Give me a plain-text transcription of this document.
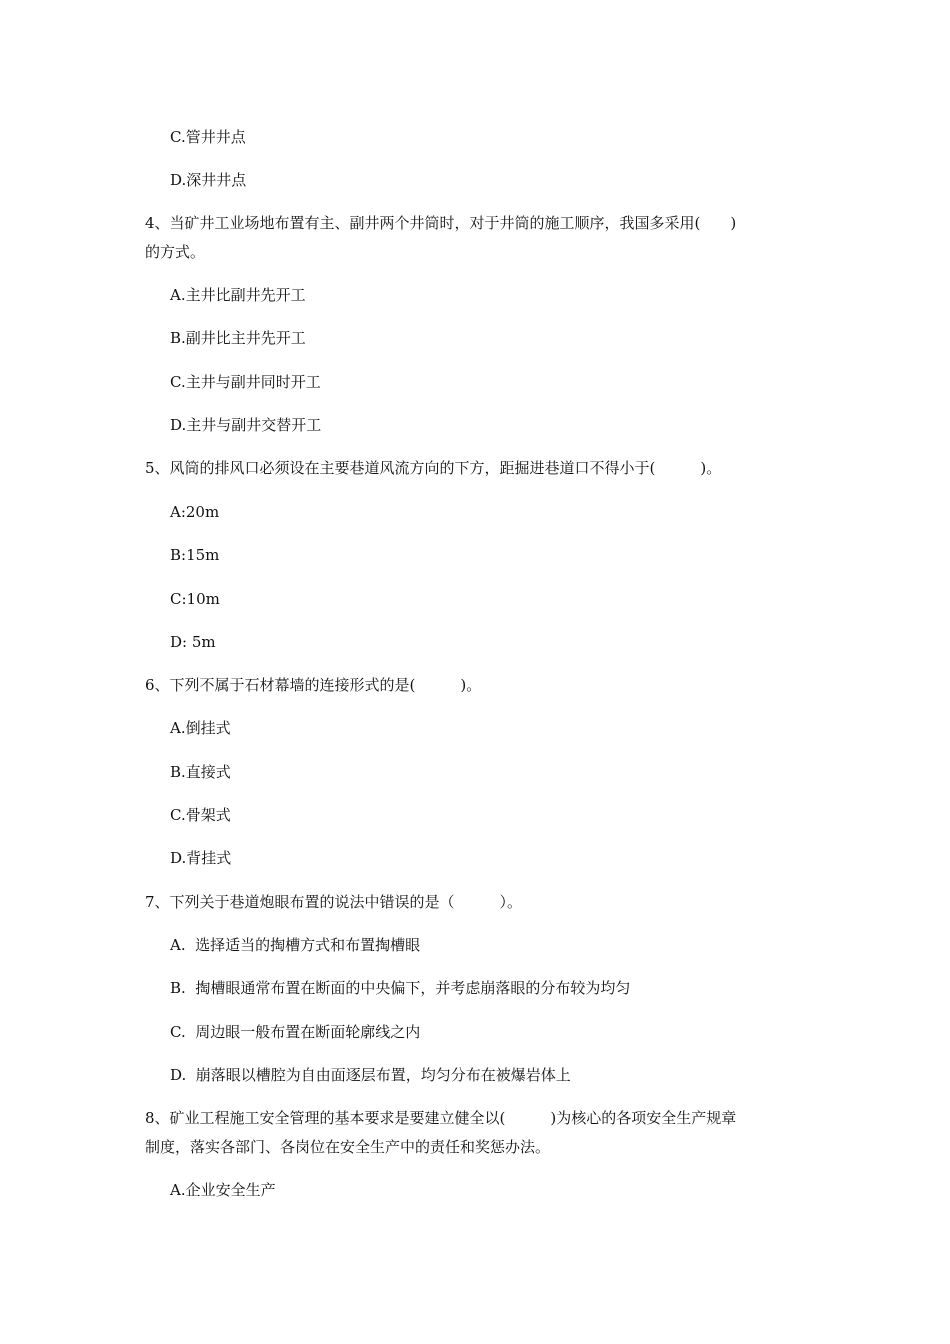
C.管井井点
D.深井井点
4、当矿井工业场地布置有主、副井两个井筒时，对于井筒的施工顺序，我国多采用(　　)
的方式。
A.主井比副井先开工
B.副井比主井先开工
C.主井与副井同时开工
D.主井与副井交替开工
5、风筒的排风口必须设在主要巷道风流方向的下方，距掘进巷道口不得小于(　　　)。
A:20m
B:15m
C:10m
D: 5m
6、下列不属于石材幕墙的连接形式的是(　　　)。
A.倒挂式
B.直接式
C.骨架式
D.背挂式
7、下列关于巷道炮眼布置的说法中错误的是（　　　）。
A.  选择适当的掏槽方式和布置掏槽眼
B.  掏槽眼通常布置在断面的中央偏下，并考虑崩落眼的分布较为均匀
C.  周边眼一般布置在断面轮廓线之内
D.  崩落眼以槽腔为自由面逐层布置，均匀分布在被爆岩体上
8、矿业工程施工安全管理的基本要求是要建立健全以(　　　)为核心的各项安全生产规章
制度，落实各部门、各岗位在安全生产中的责任和奖惩办法。
A.企业安全生产
